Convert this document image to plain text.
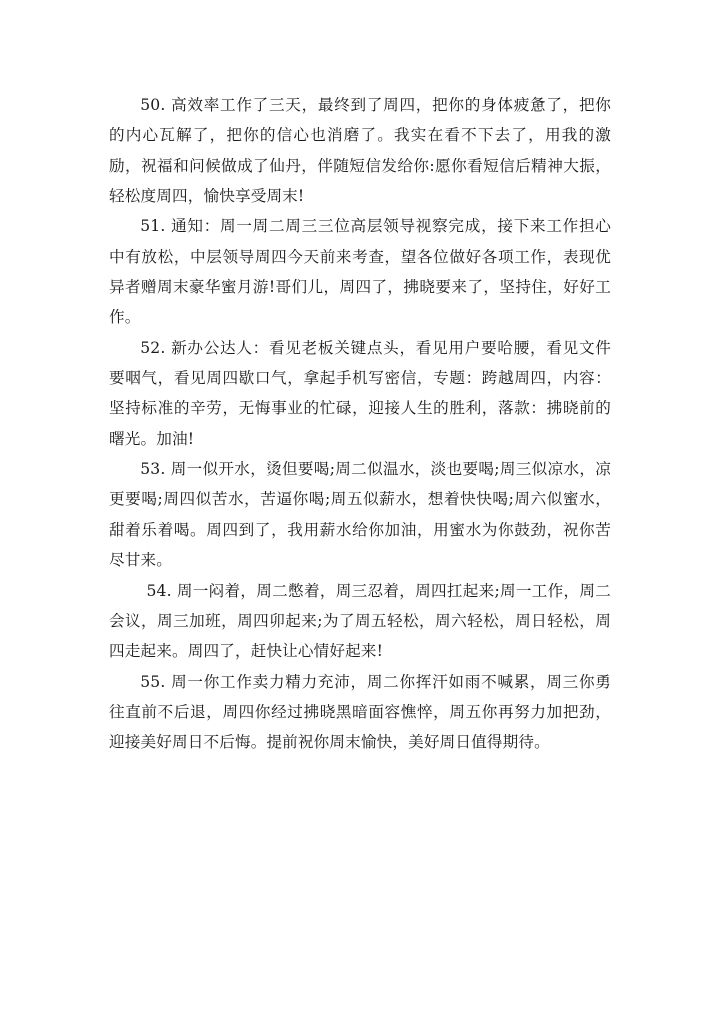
50. 高效率工作了三天，最终到了周四，把你的身体疲惫了，把你的内心瓦解了，把你的信心也消磨了。我实在看不下去了，用我的激励，祝福和问候做成了仙丹，伴随短信发给你:愿你看短信后精神大振，轻松度周四，愉快享受周末!

51. 通知：周一周二周三三位高层领导视察完成，接下来工作担心中有放松，中层领导周四今天前来考查，望各位做好各项工作，表现优异者赠周末豪华蜜月游!哥们儿，周四了，拂晓要来了，坚持住，好好工作。

52. 新办公达人：看见老板关键点头，看见用户要哈腰，看见文件要咽气，看见周四歇口气，拿起手机写密信，专题：跨越周四，内容：坚持标准的辛劳，无悔事业的忙碌，迎接人生的胜利，落款：拂晓前的曙光。加油!

53. 周一似开水，烫但要喝;周二似温水，淡也要喝;周三似凉水，凉更要喝;周四似苦水，苦逼你喝;周五似薪水，想着快快喝;周六似蜜水，甜着乐着喝。周四到了，我用薪水给你加油，用蜜水为你鼓劲，祝你苦尽甘来。

54. 周一闷着，周二憋着，周三忍着，周四扛起来;周一工作，周二会议，周三加班，周四卯起来;为了周五轻松，周六轻松，周日轻松，周四走起来。周四了，赶快让心情好起来!

55. 周一你工作卖力精力充沛，周二你挥汗如雨不喊累，周三你勇往直前不后退，周四你经过拂晓黑暗面容憔悴，周五你再努力加把劲，迎接美好周日不后悔。提前祝你周末愉快，美好周日值得期待。
